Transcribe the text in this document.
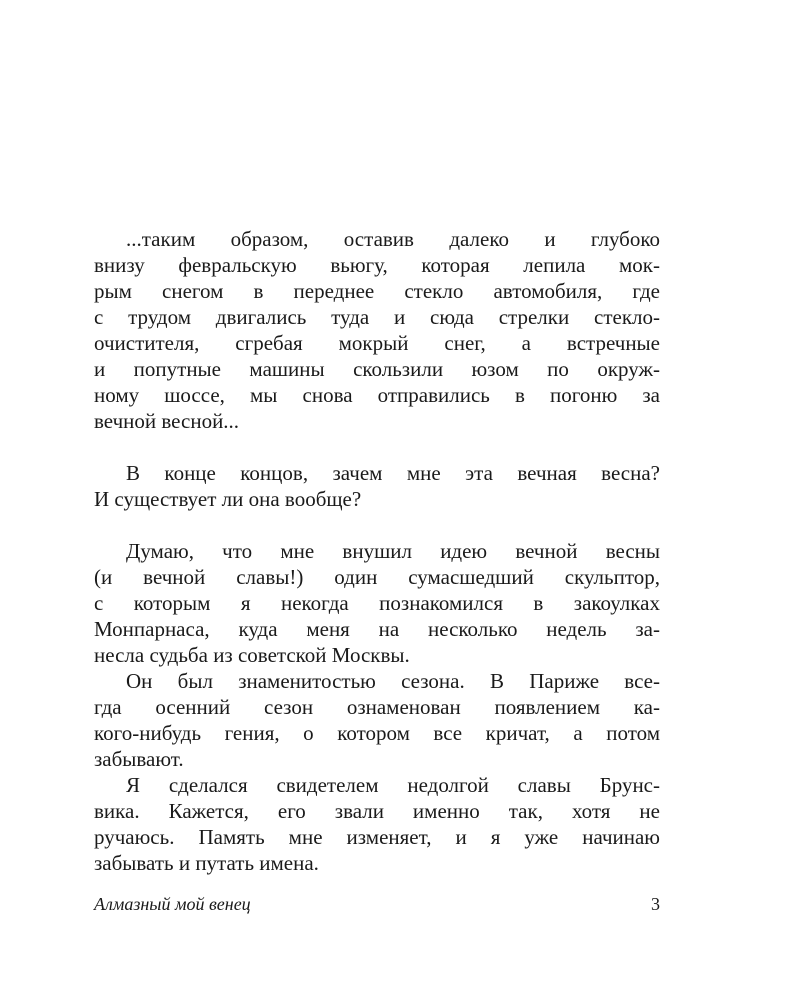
...таким образом, оставив далеко и глубоко
внизу февральскую вьюгу, которая лепила мок-
рым снегом в переднее стекло автомобиля, где
с трудом двигались туда и сюда стрелки стекло-
очистителя, сгребая мокрый снег, а встречные
и попутные машины скользили юзом по окруж-
ному шоссе, мы снова отправились в погоню за
вечной весной...
В конце концов, зачем мне эта вечная весна?
И существует ли она вообще?
Думаю, что мне внушил идею вечной весны
(и вечной славы!) один сумасшедший скульптор,
с которым я некогда познакомился в закоулках
Монпарнаса, куда меня на несколько недель за-
несла судьба из советской Москвы.
Он был знаменитостью сезона. В Париже все-
гда осенний сезон ознаменован появлением ка-
кого-нибудь гения, о котором все кричат, а потом
забывают.
Я сделался свидетелем недолгой славы Брунс-
вика. Кажется, его звали именно так, хотя не
ручаюсь. Память мне изменяет, и я уже начинаю
забывать и путать имена.
Алмазный мой венец	3
